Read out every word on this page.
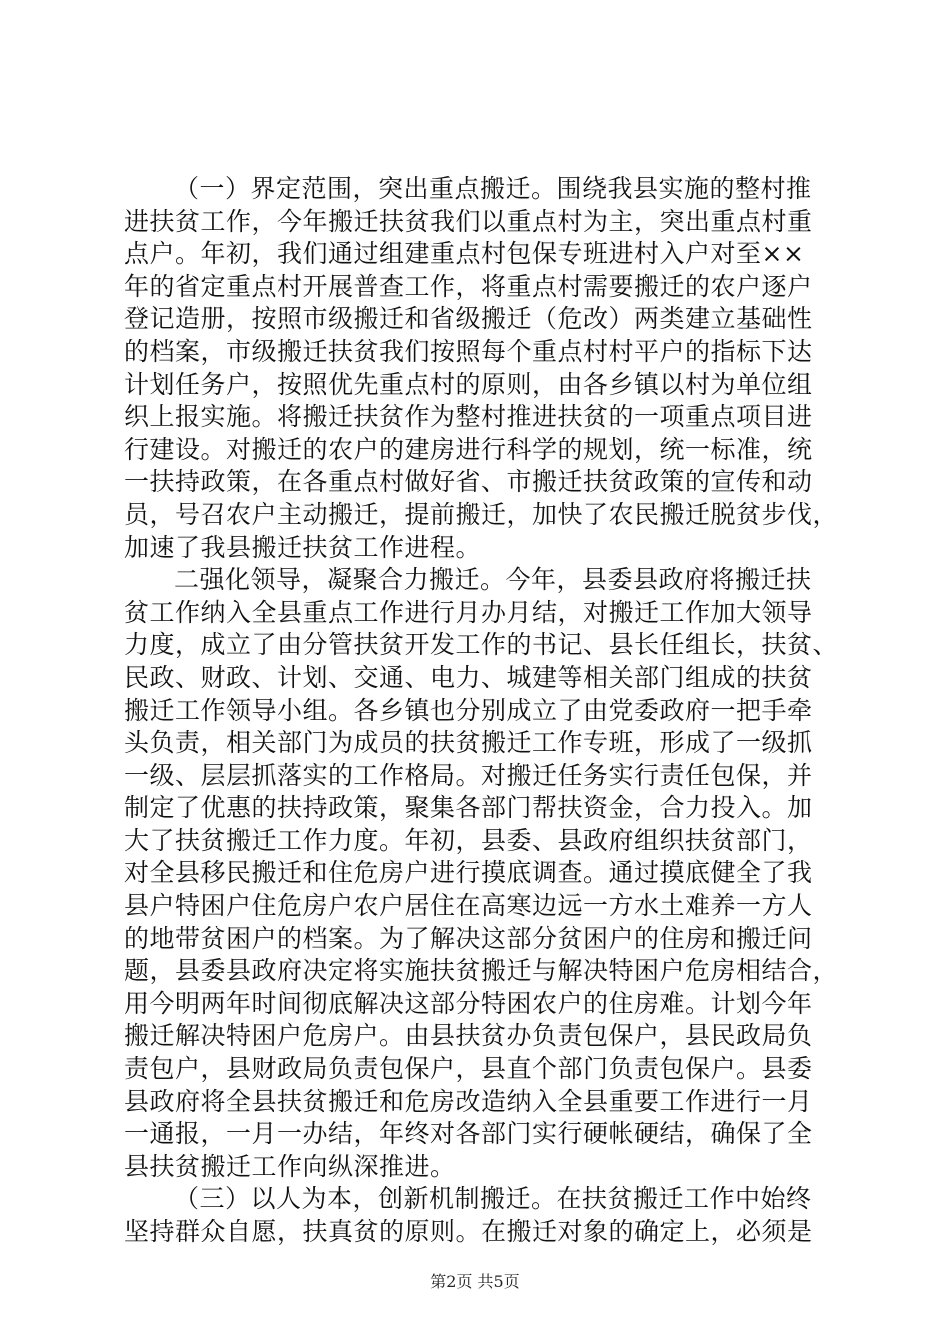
（一）界定范围，突出重点搬迁。围绕我县实施的整村推
进扶贫工作，今年搬迁扶贫我们以重点村为主，突出重点村重
点户。年初，我们通过组建重点村包保专班进村入户对至××
年的省定重点村开展普查工作，将重点村需要搬迁的农户逐户
登记造册，按照市级搬迁和省级搬迁（危改）两类建立基础性
的档案，市级搬迁扶贫我们按照每个重点村村平户的指标下达
计划任务户，按照优先重点村的原则，由各乡镇以村为单位组
织上报实施。将搬迁扶贫作为整村推进扶贫的一项重点项目进
行建设。对搬迁的农户的建房进行科学的规划，统一标准，统
一扶持政策，在各重点村做好省、市搬迁扶贫政策的宣传和动
员，号召农户主动搬迁，提前搬迁，加快了农民搬迁脱贫步伐，
加速了我县搬迁扶贫工作进程。
二强化领导，凝聚合力搬迁。今年，县委县政府将搬迁扶
贫工作纳入全县重点工作进行月办月结，对搬迁工作加大领导
力度，成立了由分管扶贫开发工作的书记、县长任组长，扶贫、
民政、财政、计划、交通、电力、城建等相关部门组成的扶贫
搬迁工作领导小组。各乡镇也分别成立了由党委政府一把手牵
头负责，相关部门为成员的扶贫搬迁工作专班，形成了一级抓
一级、层层抓落实的工作格局。对搬迁任务实行责任包保，并
制定了优惠的扶持政策，聚集各部门帮扶资金，合力投入。加
大了扶贫搬迁工作力度。年初，县委、县政府组织扶贫部门，
对全县移民搬迁和住危房户进行摸底调查。通过摸底健全了我
县户特困户住危房户农户居住在高寒边远一方水土难养一方人
的地带贫困户的档案。为了解决这部分贫困户的住房和搬迁问
题，县委县政府决定将实施扶贫搬迁与解决特困户危房相结合，
用今明两年时间彻底解决这部分特困农户的住房难。计划今年
搬迁解决特困户危房户。由县扶贫办负责包保户，县民政局负
责包户，县财政局负责包保户，县直个部门负责包保户。县委
县政府将全县扶贫搬迁和危房改造纳入全县重要工作进行一月
一通报，一月一办结，年终对各部门实行硬帐硬结，确保了全
县扶贫搬迁工作向纵深推进。
（三）以人为本，创新机制搬迁。在扶贫搬迁工作中始终
坚持群众自愿，扶真贫的原则。在搬迁对象的确定上，必须是
第2页 共5页
